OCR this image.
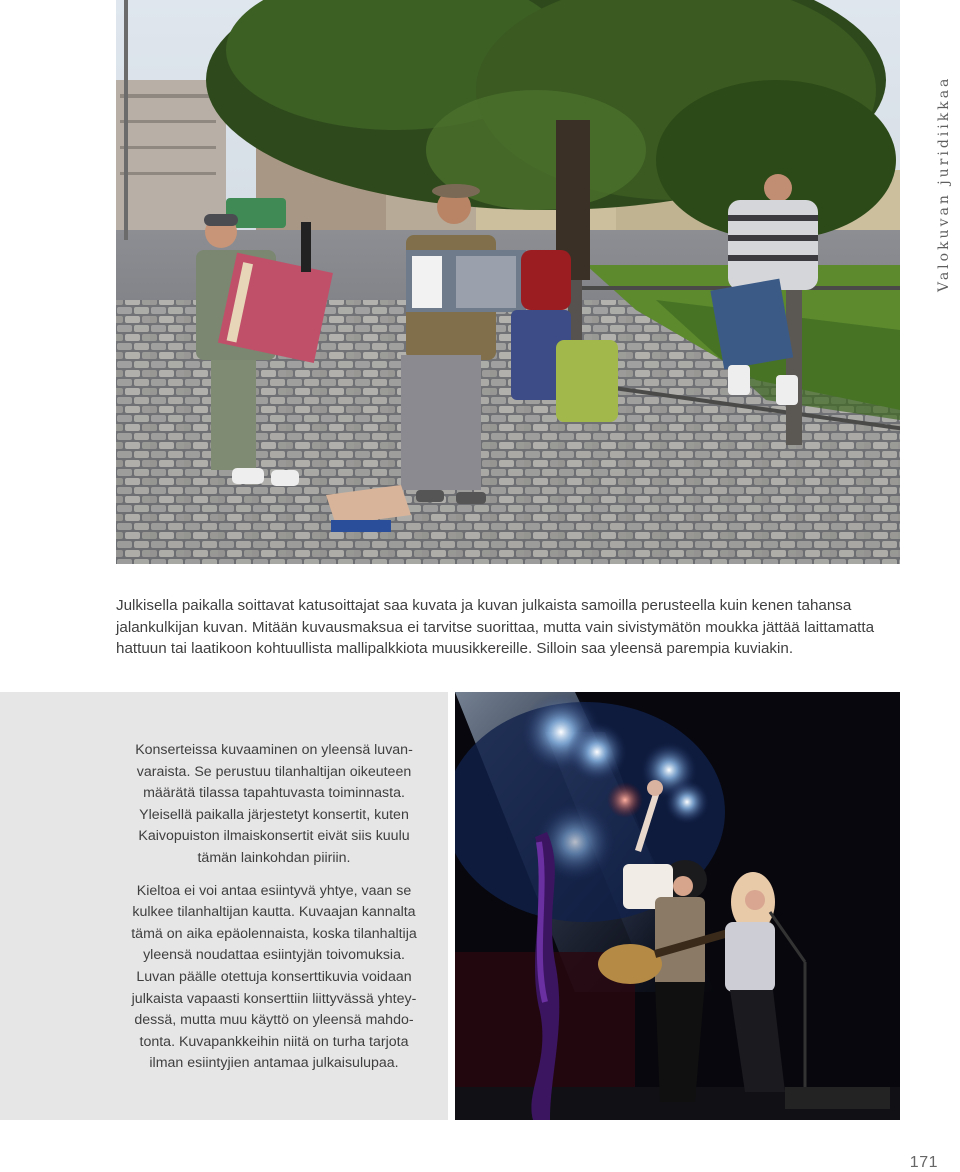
Julkisella paikalla soittavat katusoittajat saa kuvata ja kuvan julkaista samoilla perusteella kuin kenen tahansa jalankulkijan kuvan. Mitään kuvausmaksua ei tarvitse suorittaa, mutta vain sivistymätön moukka jättää laittamatta hattuun tai laatikoon kohtuullista mallipalkkiota muusikkereille. Silloin saa yleensä parempia kuviakin.

Konserteissa kuvaaminen on yleensä luvan-
varaista. Se perustuu tilanhaltijan oikeuteen
määrätä tilassa tapahtuvasta toiminnasta.
Yleisellä paikalla järjestetyt konsertit, kuten
Kaivopuiston ilmaiskonsertit eivät siis kuulu
tämän lainkohdan piiriin.

Kieltoa ei voi antaa esiintyvä yhtye, vaan se
kulkee tilanhaltijan kautta. Kuvaajan kannalta
tämä on aika epäolennaista, koska tilanhaltija
yleensä noudattaa esiintyjän toivomuksia.
Luvan päälle otettuja konserttikuvia voidaan
julkaista vapaasti konserttiin liittyvässä yhtey-
dessä, mutta muu käyttö on yleensä mahdo-
tonta. Kuvapankkeihin niitä on turha tarjota
ilman esiintyjien antamaa julkaisulupaa.

Valokuvan juridiikkaa
171
